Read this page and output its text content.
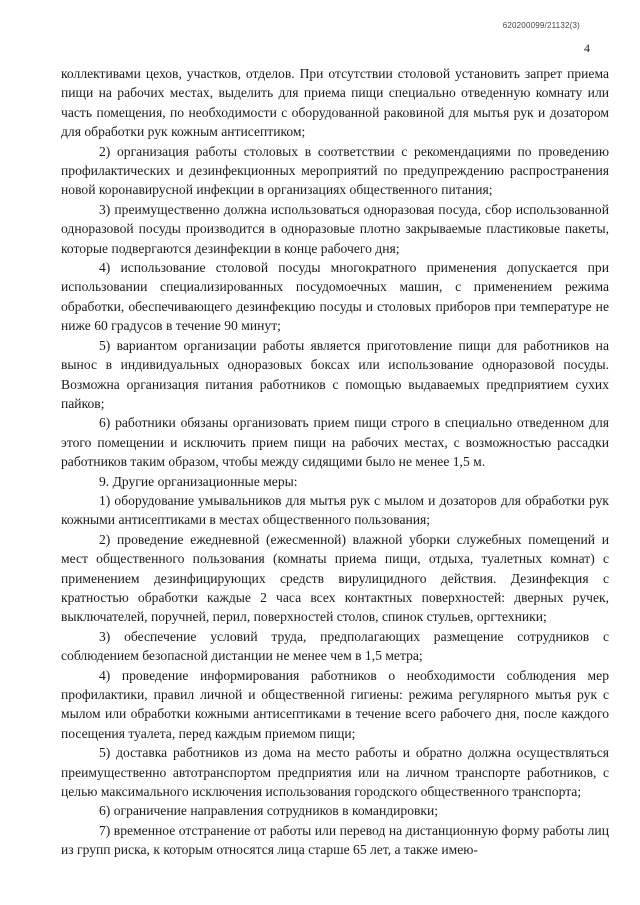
620200099/21132(3)
4

коллективами цехов, участков, отделов. При отсутствии столовой установить запрет приема пищи на рабочих местах, выделить для приема пищи специально отведенную комнату или часть помещения, по необходимости с оборудованной раковиной для мытья рук и дозатором для обработки рук кожным антисептиком;

2) организация работы столовых в соответствии с рекомендациями по проведению профилактических и дезинфекционных мероприятий по предупреждению распространения новой коронавирусной инфекции в организациях общественного питания;

3) преимущественно должна использоваться одноразовая посуда, сбор использованной одноразовой посуды производится в одноразовые плотно закрываемые пластиковые пакеты, которые подвергаются дезинфекции в конце рабочего дня;

4) использование столовой посуды многократного применения допускается при использовании специализированных посудомоечных машин, с применением режима обработки, обеспечивающего дезинфекцию посуды и столовых приборов при температуре не ниже 60 градусов в течение 90 минут;

5) вариантом организации работы является приготовление пищи для работников на вынос в индивидуальных одноразовых боксах или использование одноразовой посуды. Возможна организация питания работников с помощью выдаваемых предприятием сухих пайков;

6) работники обязаны организовать прием пищи строго в специально отведенном для этого помещении и исключить прием пищи на рабочих местах, с возможностью рассадки работников таким образом, чтобы между сидящими было не менее 1,5 м.

9. Другие организационные меры:

1) оборудование умывальников для мытья рук с мылом и дозаторов для обработки рук кожными антисептиками в местах общественного пользования;

2) проведение ежедневной (ежесменной) влажной уборки служебных помещений и мест общественного пользования (комнаты приема пищи, отдыха, туалетных комнат) с применением дезинфицирующих средств вирулицидного действия. Дезинфекция с кратностью обработки каждые 2 часа всех контактных поверхностей: дверных ручек, выключателей, поручней, перил, поверхностей столов, спинок стульев, оргтехники;

3) обеспечение условий труда, предполагающих размещение сотрудников с соблюдением безопасной дистанции не менее чем в 1,5 метра;

4) проведение информирования работников о необходимости соблюдения мер профилактики, правил личной и общественной гигиены: режима регулярного мытья рук с мылом или обработки кожными антисептиками в течение всего рабочего дня, после каждого посещения туалета, перед каждым приемом пищи;

5) доставка работников из дома на место работы и обратно должна осуществляться преимущественно автотранспортом предприятия или на личном транспорте работников, с целью максимального исключения использования городского общественного транспорта;

6) ограничение направления сотрудников в командировки;

7) временное отстранение от работы или перевод на дистанционную форму работы лиц из групп риска, к которым относятся лица старше 65 лет, а также имею-
